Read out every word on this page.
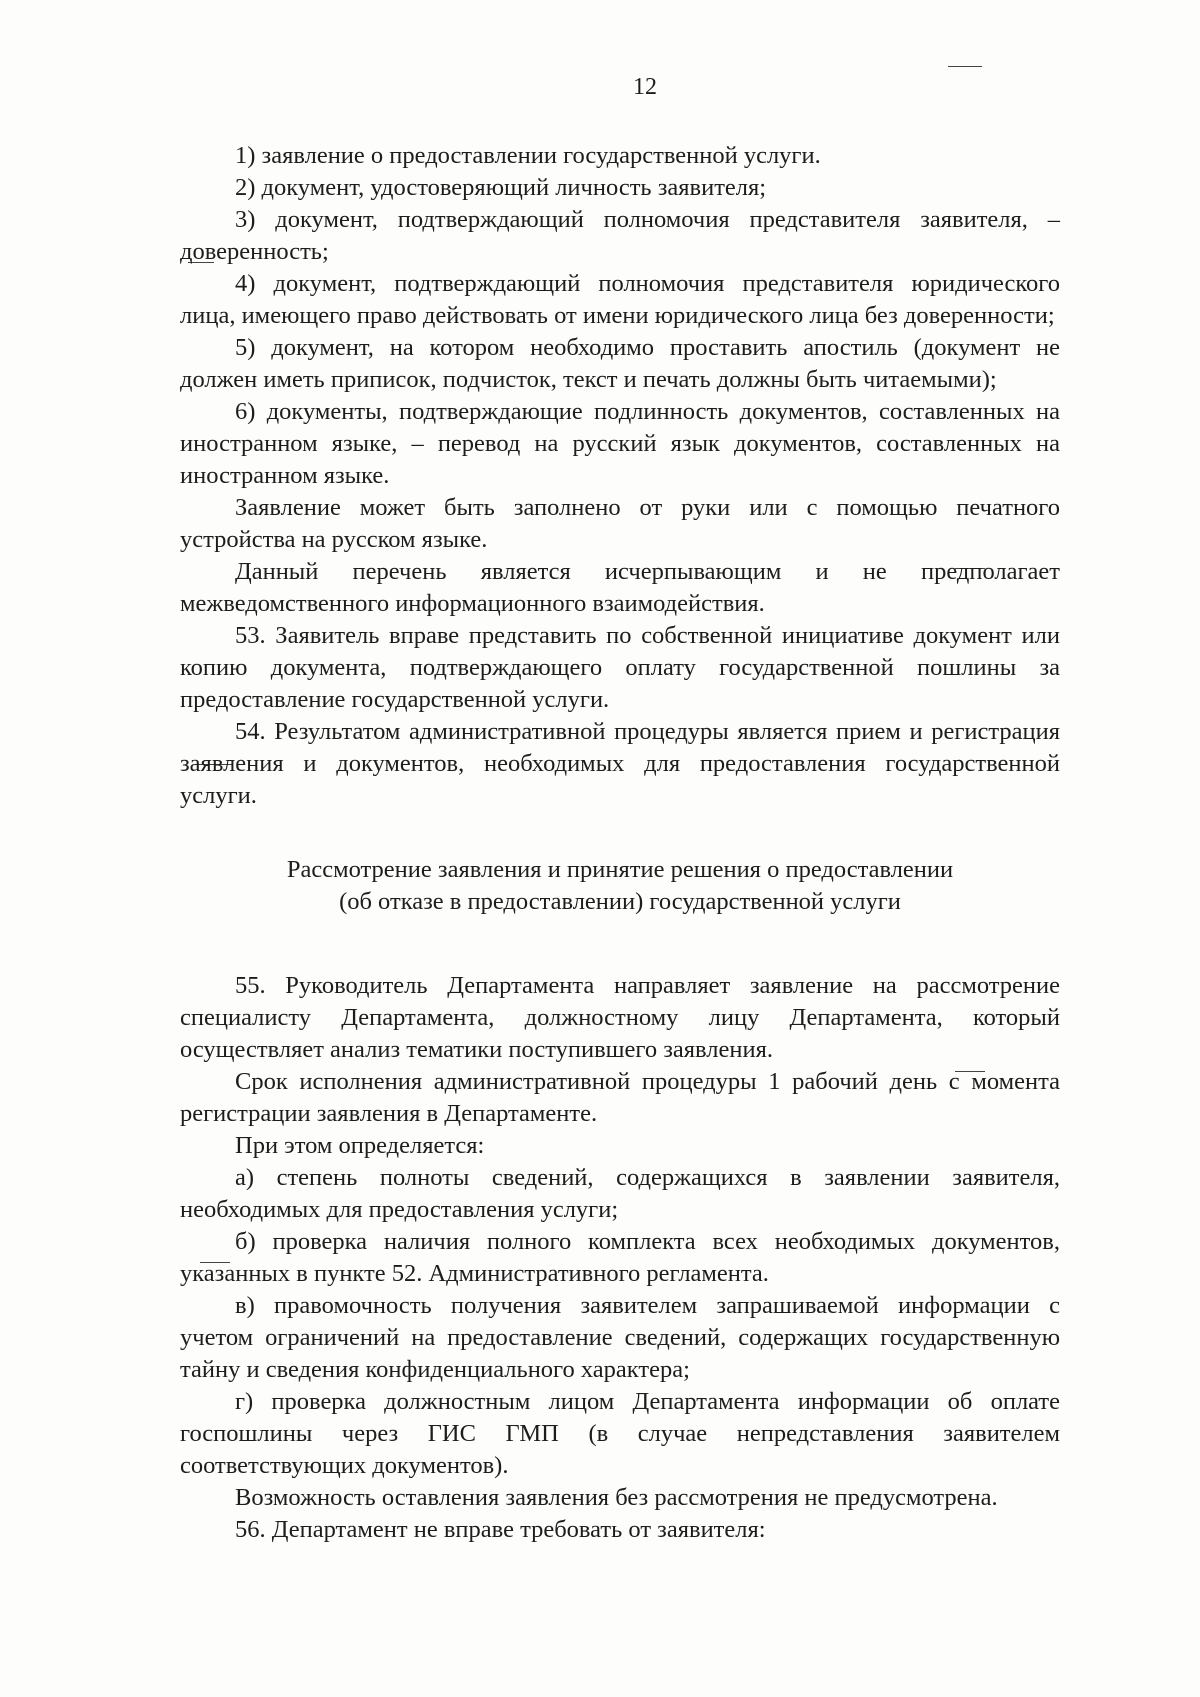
12

1) заявление о предоставлении государственной услуги.

2) документ, удостоверяющий личность заявителя;

3) документ, подтверждающий полномочия представителя заявителя, – доверенность;

4) документ, подтверждающий полномочия представителя юридического лица, имеющего право действовать от имени юридического лица без доверенности;

5) документ, на котором необходимо проставить апостиль (документ не должен иметь приписок, подчисток, текст и печать должны быть читаемыми);

6) документы, подтверждающие подлинность документов, составленных на иностранном языке, – перевод на русский язык документов, составленных на иностранном языке.

Заявление может быть заполнено от руки или с помощью печатного устройства на русском языке.

Данный перечень является исчерпывающим и не предполагает межведомственного информационного взаимодействия.

53. Заявитель вправе представить по собственной инициативе документ или копию документа, подтверждающего оплату государственной пошлины за предоставление государственной услуги.

54. Результатом административной процедуры является прием и регистрация заявления и документов, необходимых для предоставления государственной услуги.

Рассмотрение заявления и принятие решения о предоставлении
(об отказе в предоставлении) государственной услуги

55. Руководитель Департамента направляет заявление на рассмотрение специалисту Департамента, должностному лицу Департамента, который осуществляет анализ тематики поступившего заявления.

Срок исполнения административной процедуры 1 рабочий день с момента регистрации заявления в Департаменте.

При этом определяется:

а) степень полноты сведений, содержащихся в заявлении заявителя, необходимых для предоставления услуги;

б) проверка наличия полного комплекта всех необходимых документов, указанных в пункте 52. Административного регламента.

в) правомочность получения заявителем запрашиваемой информации с учетом ограничений на предоставление сведений, содержащих государственную тайну и сведения конфиденциального характера;

г) проверка должностным лицом Департамента информации об оплате госпошлины через ГИС ГМП (в случае непредставления заявителем соответствующих документов).

Возможность оставления заявления без рассмотрения не предусмотрена.

56. Департамент не вправе требовать от заявителя:
